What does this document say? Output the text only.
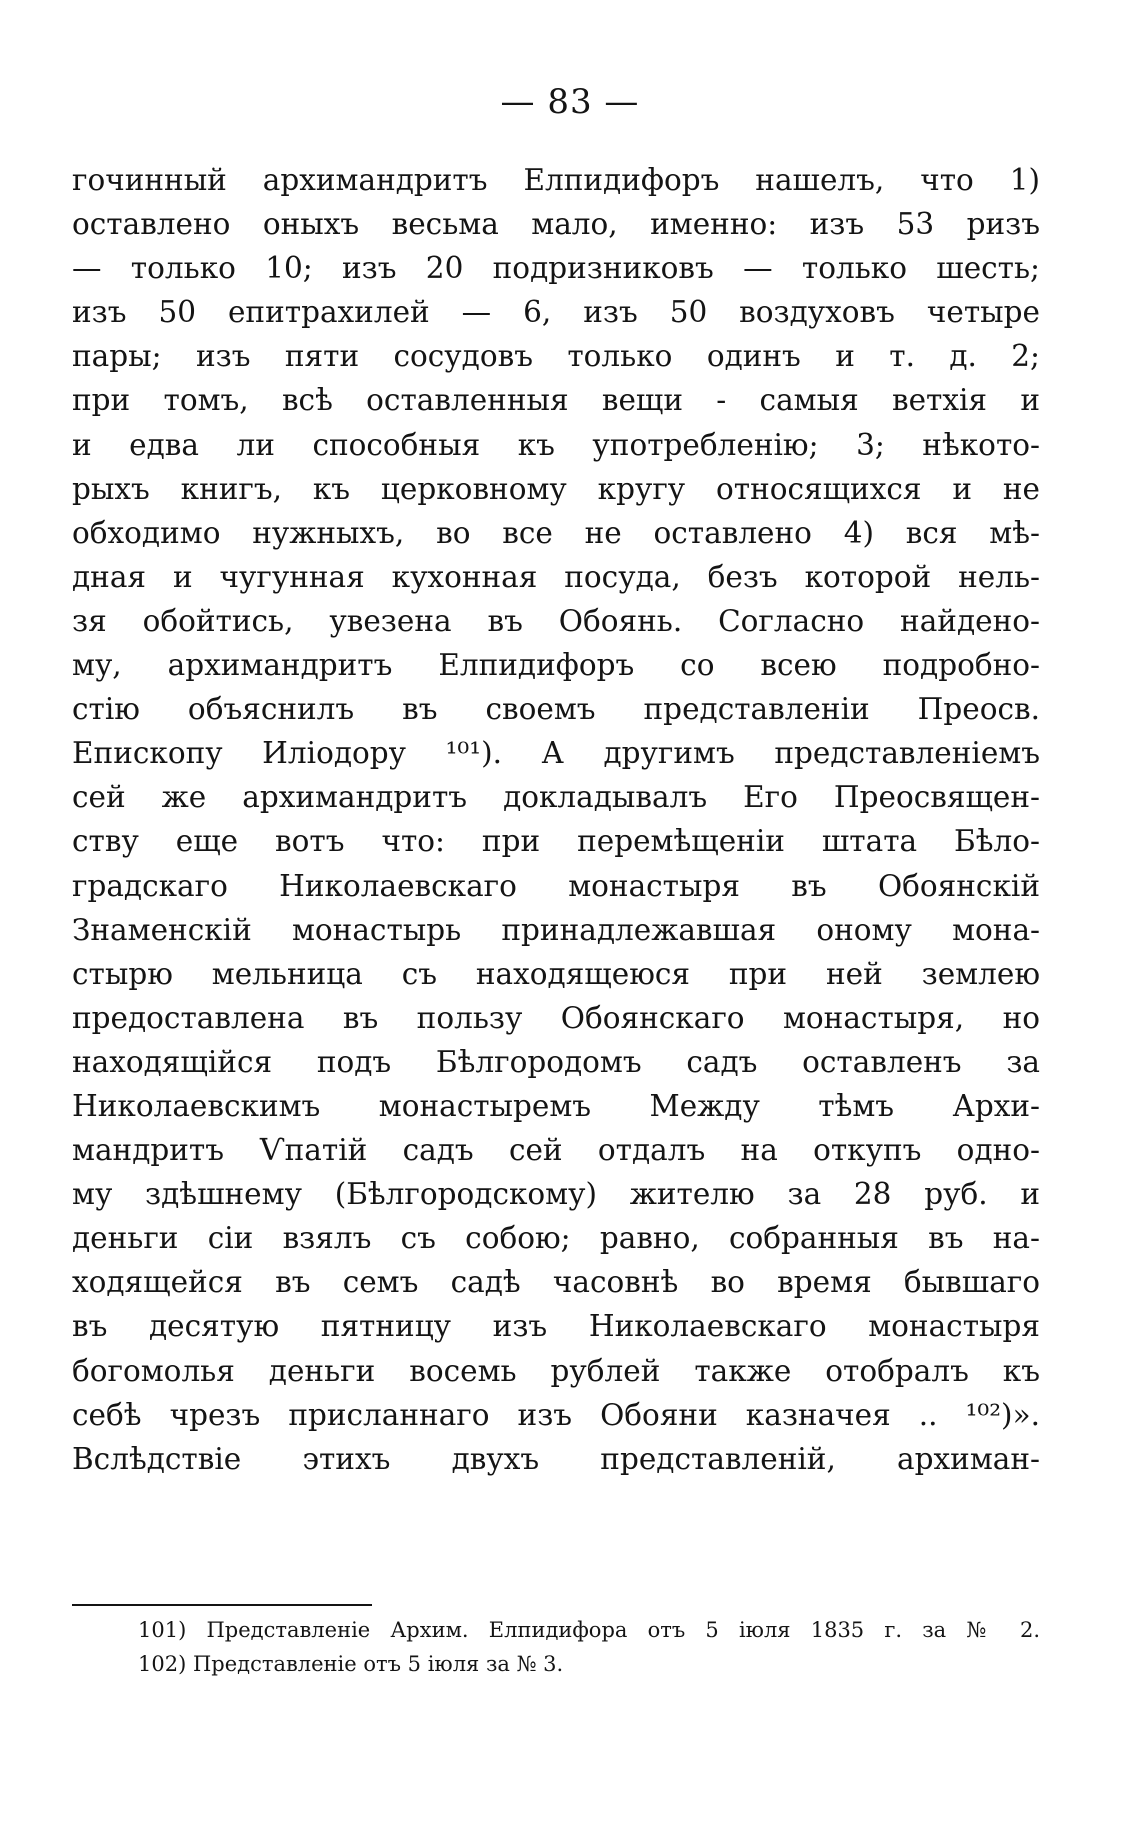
— 83 —
гочинный архимандритъ Елпидифоръ нашелъ, что 1)
оставлено оныхъ весьма мало, именно: изъ 53 ризъ
— только 10; изъ 20 подризниковъ — только шесть;
изъ 50 епитрахилей — 6, изъ 50 воздуховъ четыре
пары; изъ пяти сосудовъ только одинъ и т. д. 2;
при томъ, всѣ оставленныя вещи - самыя ветхія и
и едва ли способныя къ употребленію; 3; нѣкото-
рыхъ книгъ, къ церковному кругу относящихся и не
обходимо нужныхъ, во все не оставлено 4) вся мѣ-
дная и чугунная кухонная посуда, безъ которой нель-
зя обойтись, увезена въ Обоянь. Согласно найдено-
му, архимандритъ Елпидифоръ со всею подробно-
стію объяснилъ въ своемъ представленіи Преосв.
Епископу Иліодору ¹⁰¹). А другимъ представленіемъ
сей же архимандритъ докладывалъ Его Преосвящен-
ству еще вотъ что: при перемѣщеніи штата Бѣло-
градскаго Николаевскаго монастыря въ Обоянскій
Знаменскій монастырь принадлежавшая оному мона-
стырю мельница съ находящеюся при ней землею
предоставлена въ пользу Обоянскаго монастыря, но
находящійся подъ Бѣлгородомъ садъ оставленъ за
Николаевскимъ монастыремъ Между тѣмъ Архи-
мандритъ Ѵпатій садъ сей отдалъ на откупъ одно-
му здѣшнему (Бѣлгородскому) жителю за 28 руб. и
деньги сіи взялъ съ собою; равно, собранныя въ на-
ходящейся въ семъ садѣ часовнѣ во время бывшаго
въ десятую пятницу изъ Николаевскаго монастыря
богомолья деньги восемь рублей также отобралъ къ
себѣ чрезъ присланнаго изъ Обояни казначея .. ¹⁰²)».
Вслѣдствіе этихъ двухъ представленій, архиман-
101) Представленіе Архим. Елпидифора отъ 5 іюля 1835 г. за № 2.
102) Представленіе отъ 5 іюля за № 3.
